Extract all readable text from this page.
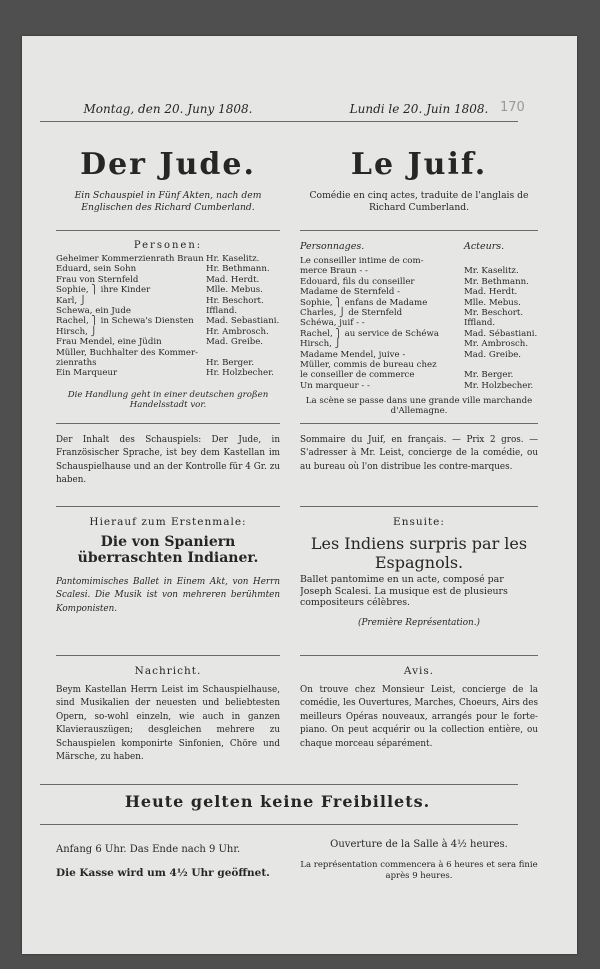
170
Montag, den 20. Juny 1808.
Der Jude.
Ein Schauspiel in Fünf Akten, nach dem Englischen des Richard Cumberland.
Personen:
Geheimer Kommerzienrath Braun Hr. Kaselitz.
Eduard, sein Sohn	Hr. Bethmann.
Frau von Sternfeld	Mad. Herdt.
Sophie, ⎫ ihre Kinder	Mlle. Mebus.
Karl, ⎭	Hr. Beschort.
Schewa, ein Jude	Iffland.
Rachel, ⎫ in Schewa's Diensten Mad. Sebastiani.
Hirsch, ⎭	Hr. Ambrosch.
Frau Mendel, eine Jüdin	Mad. Greibe.
Müller, Buchhalter des Kommer-
zienraths	Hr. Berger.
Ein Marqueur	Hr. Holzbecher.
Die Handlung geht in einer deutschen großen Handelsstadt vor.
Der Inhalt des Schauspiels: Der Jude, in Französischer Sprache, ist bey dem Kastellan im Schauspielhause und an der Kontrolle für 4 Gr. zu haben.
Hierauf zum Erstenmale:
Die von Spaniern überraschten Indianer.
Pantomimisches Ballet in Einem Akt, von Herrn Scalesi. Die Musik ist von mehreren berühmten Komponisten.
Nachricht.
Beym Kastellan Herrn Leist im Schauspielhause, sind Musikalien der neuesten und beliebtesten Opern, so-wohl einzeln, wie auch in ganzen Klavierauszügen; desgleichen mehrere zu Schauspielen komponirte Sinfonien, Chöre und Märsche, zu haben.
Anfang 6 Uhr. Das Ende nach 9 Uhr.
Die Kasse wird um 4½ Uhr geöffnet.
Lundi le 20. Juin 1808.
Le Juif.
Comédie en cinq actes, traduite de l'anglais de Richard Cumberland.
Personnages.	Acteurs.
Le conseiller intime de com-
merce Braun - -	Mr. Kaselitz.
Edouard, fils du conseiller	Mr. Bethmann.
Madame de Sternfeld -	Mad. Herdt.
Sophie, ⎫ enfans de Madame	Mlle. Mebus.
Charles, ⎭ de Sternfeld	Mr. Beschort.
Schéwa, juif - -	Iffland.
Rachel, ⎫ au service de Schéwa	Mad. Sébastiani.
Hirsch, ⎭	Mr. Ambrosch.
Madame Mendel, juive -	Mad. Greibe.
Müller, commis de bureau chez
le conseiller de commerce	Mr. Berger.
Un marqueur - -	Mr. Holzbecher.
La scène se passe dans une grande ville marchande d'Allemagne.
Sommaire du Juif, en français. — Prix 2 gros. — S'adresser à Mr. Leist, concierge de la comédie, ou au bureau où l'on distribue les contre-marques.
Ensuite:
Les Indiens surpris par les Espagnols.
Ballet pantomime en un acte, composé par Joseph Scalesi. La musique est de plusieurs compositeurs célèbres.
(Première Représentation.)
Avis.
On trouve chez Monsieur Leist, concierge de la comédie, les Ouvertures, Marches, Choeurs, Airs des meilleurs Opéras nouveaux, arrangés pour le forte-piano. On peut acquérir ou la collection entière, ou chaque morceau séparément.
Ouverture de la Salle à 4½ heures.
La représentation commencera à 6 heures et sera finie après 9 heures.
Heute gelten keine Freibillets.
